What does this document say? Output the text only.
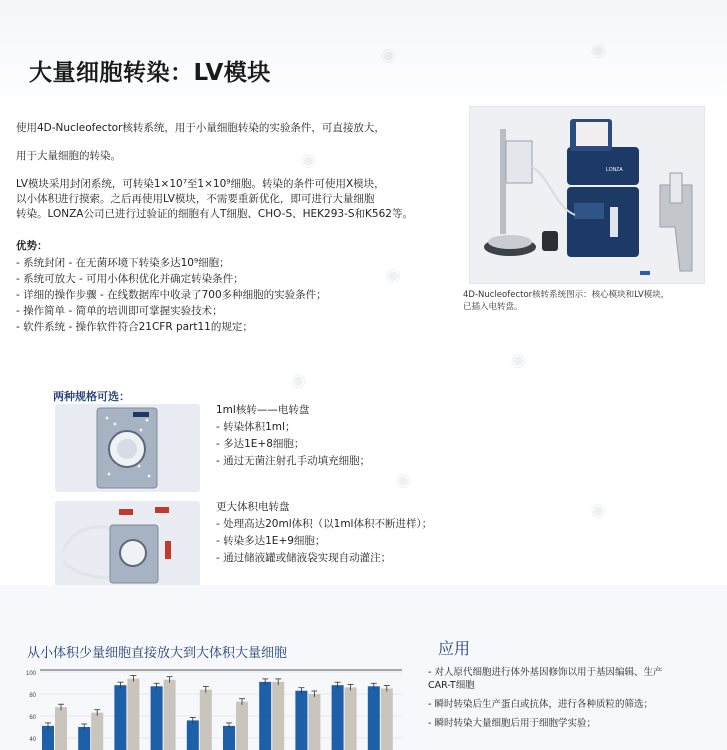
◉
◉
◉
◉
◉
◉
大量细胞转染：LV模块

使用4D-Nucleofector核转系统，用于小量细胞转染的实验条件，可直接放大，

用于大量细胞的转染。

LV模块采用封闭系统，可转染1×10⁷至1×10⁹细胞。转染的条件可使用X模块，

以小体积进行摸索。之后再使用LV模块，不需要重新优化，即可进行大量细胞

转染。LONZA公司已进行过验证的细胞有人T细胞、CHO-S、HEK293-S和K562等。

优势：
- 系统封闭 - 在无菌环境下转染多达10⁹细胞；
- 系统可放大 - 可用小体积优化并确定转染条件；
- 详细的操作步骤 - 在线数据库中收录了700多种细胞的实验条件；
- 操作简单 - 简单的培训即可掌握实验技术；
- 软件系统 - 操作软件符合21CFR part11的规定；
LONZA

4D-Nucleofector核转系统图示：核心模块和LV模块，
已插入电转盘。

两种规格可选：
1ml核转——电转盘
- 转染体积1ml；
- 多达1E+8细胞；
- 通过无菌注射孔手动填充细胞；
更大体积电转盘
- 处理高达20ml体积（以1ml体积不断进样）；
- 转染多达1E+9细胞；
- 通过储液罐或储液袋实现自动灌注；
从小体积少量细胞直接放大到大体积大量细胞
100
80
60
40
应用
- 对人原代细胞进行体外基因修饰以用于基因编辑、生产CAR-T细胞
- 瞬时转染后生产蛋白或抗体，进行各种质粒的筛选；
- 瞬时转染大量细胞后用于细胞学实验；
